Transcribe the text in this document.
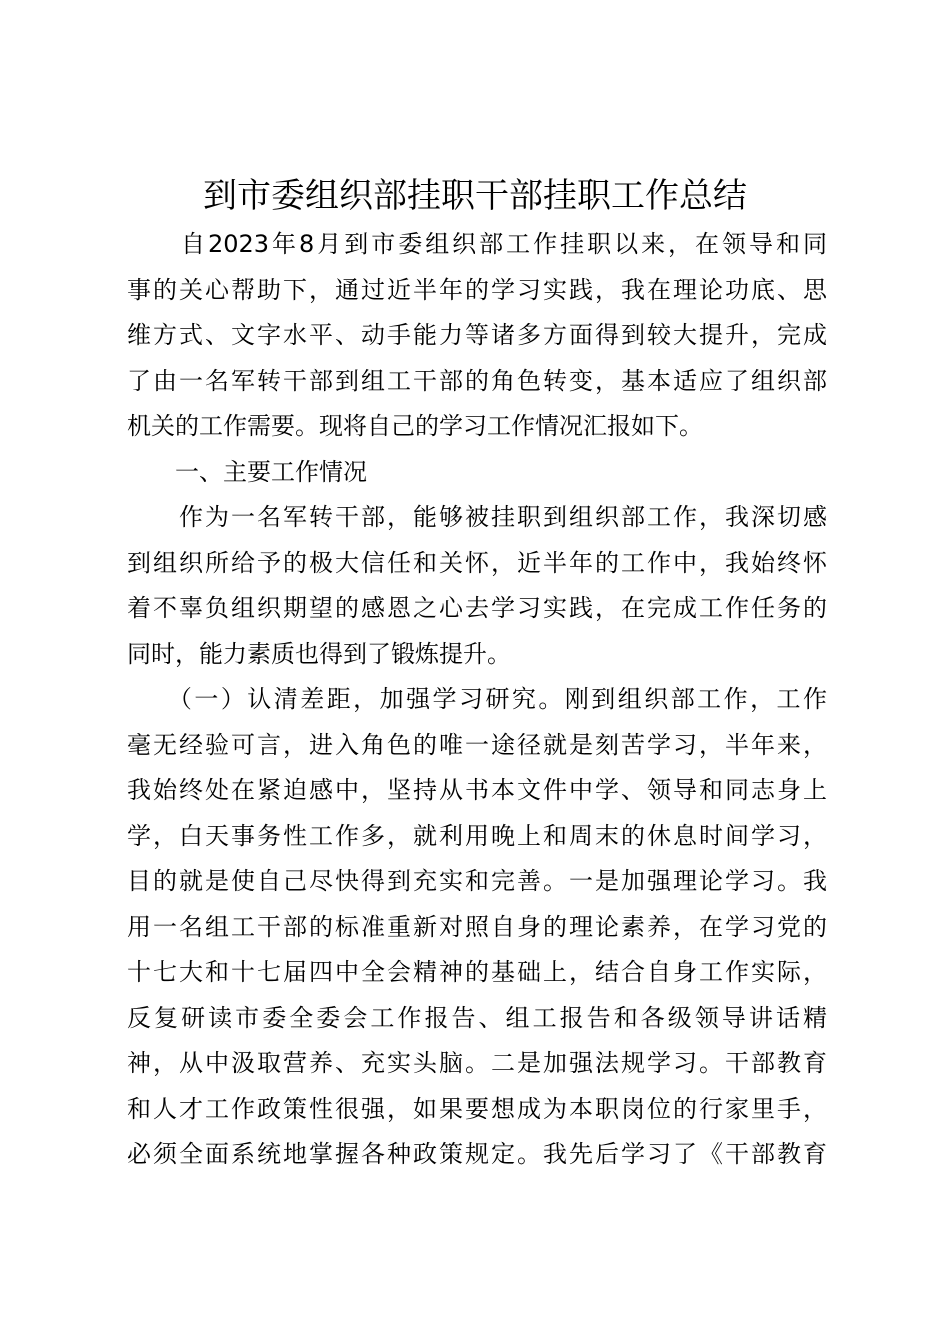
到市委组织部挂职干部挂职工作总结
　　自2023年8月到市委组织部工作挂职以来，在领导和同
事的关心帮助下，通过近半年的学习实践，我在理论功底、思
维方式、文字水平、动手能力等诸多方面得到较大提升，完成
了由一名军转干部到组工干部的角色转变，基本适应了组织部
机关的工作需要。现将自己的学习工作情况汇报如下。
　　一、主要工作情况
　　作为一名军转干部，能够被挂职到组织部工作，我深切感
到组织所给予的极大信任和关怀，近半年的工作中，我始终怀
着不辜负组织期望的感恩之心去学习实践，在完成工作任务的
同时，能力素质也得到了锻炼提升。
　　（一）认清差距，加强学习研究。刚到组织部工作，工作
毫无经验可言，进入角色的唯一途径就是刻苦学习，半年来，
我始终处在紧迫感中，坚持从书本文件中学、领导和同志身上
学，白天事务性工作多，就利用晚上和周末的休息时间学习，
目的就是使自己尽快得到充实和完善。一是加强理论学习。我
用一名组工干部的标准重新对照自身的理论素养，在学习党的
十七大和十七届四中全会精神的基础上，结合自身工作实际，
反复研读市委全委会工作报告、组工报告和各级领导讲话精
神，从中汲取营养、充实头脑。二是加强法规学习。干部教育
和人才工作政策性很强，如果要想成为本职岗位的行家里手，
必须全面系统地掌握各种政策规定。我先后学习了《干部教育
